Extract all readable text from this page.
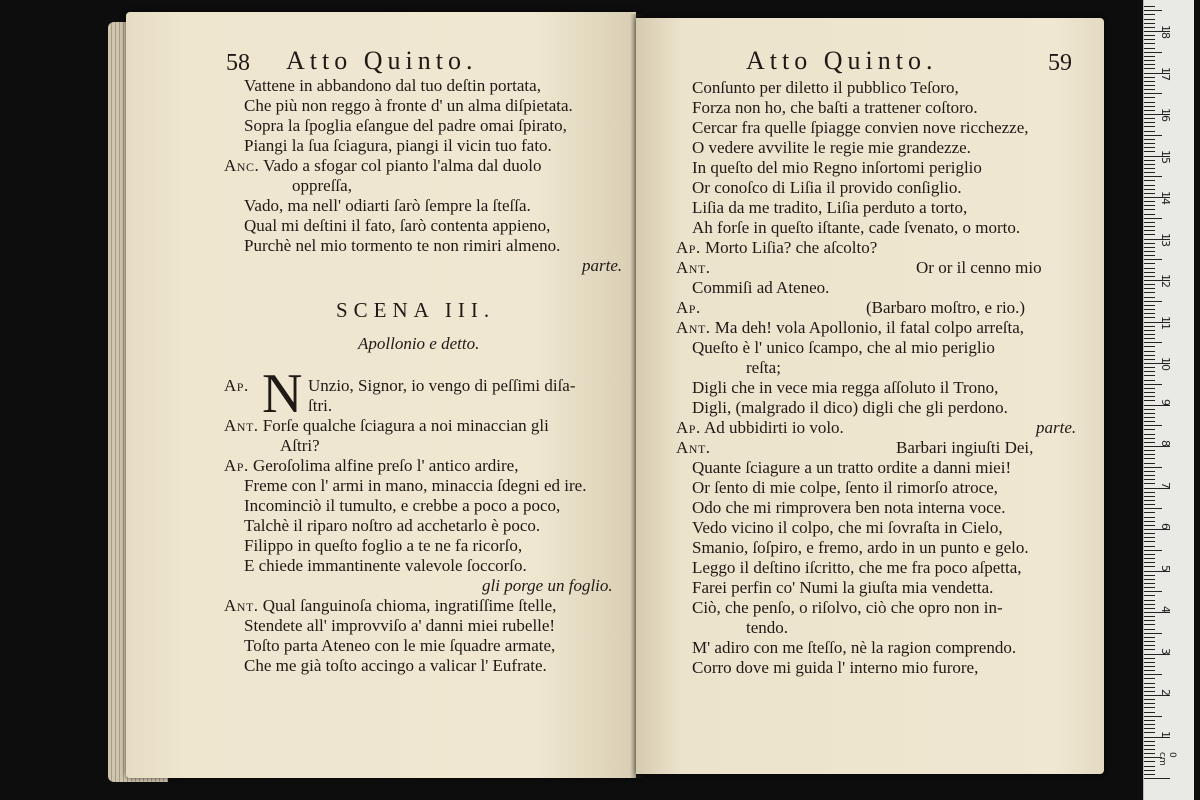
58 Atto Quinto.
Vattene in abbandono dal tuo deſtin portata,
Che più non reggo à fronte d' un alma diſpietata.
Sopra la ſpoglia eſangue del padre omai ſpirato,
Piangi la ſua ſciagura, piangi il vicin tuo fato.
Anc. Vado a sfogar col pianto l'alma dal duolo
oppreſſa,
Vado, ma nell' odiarti ſarò ſempre la ſteſſa.
Qual mi deſtini il fato, ſarò contenta appieno,
Purchè nel mio tormento te non rimiri almeno.
parte.
SCENA III.
Apollonio e detto.
Ap. N Unzio, Signor, io vengo di peſſimi diſa-
ſtri.
Ant. Forſe qualche ſciagura a noi minaccian gli
Aſtri?
Ap. Geroſolima alfine preſo l' antico ardire,
Freme con l' armi in mano, minaccia ſdegni ed ire.
Incominciò il tumulto, e crebbe a poco a poco,
Talchè il riparo noſtro ad acchetarlo è poco.
Filippo in queſto foglio a te ne fa ricorſo,
E chiede immantinente valevole ſoccorſo.
gli porge un foglio.
Ant. Qual ſanguinoſa chioma, ingratiſſime ſtelle,
Stendete all' improvviſo a' danni miei rubelle!
Toſto parta Ateneo con le mie ſquadre armate,
Che me già toſto accingo a valicar l' Eufrate.
Atto Quinto.	59
Conſunto per diletto il pubblico Teſoro,
Forza non ho, che baſti a trattener coſtoro.
Cercar fra quelle ſpiagge convien nove ricchezze,
O vedere avvilite le regie mie grandezze.
In queſto del mio Regno inſortomi periglio
Or conoſco di Liſia il provido conſiglio.
Liſia da me tradito, Liſia perduto a torto,
Ah forſe in queſto iſtante, cade ſvenato, o morto.
Ap. Morto Liſia? che aſcolto?
Ant.	Or or il cenno mio
Commiſi ad Ateneo.
Ap.	(Barbaro moſtro, e rio.)
Ant. Ma deh! vola Apollonio, il fatal colpo arreſta,
Queſto è l' unico ſcampo, che al mio periglio
reſta;
Digli che in vece mia regga aſſoluto il Trono,
Digli, (malgrado il dico) digli che gli perdono.
Ap. Ad ubbidirti io volo.	parte.
Ant.	Barbari ingiuſti Dei,
Quante ſciagure a un tratto ordite a danni miei!
Or ſento di mie colpe, ſento il rimorſo atroce,
Odo che mi rimprovera ben nota interna voce.
Vedo vicino il colpo, che mi ſovraſta in Cielo,
Smanio, ſoſpiro, e fremo, ardo in un punto e gelo.
Leggo il deſtino iſcritto, che me fra poco aſpetta,
Farei perfin co' Numi la giuſta mia vendetta.
Ciò, che penſo, o riſolvo, ciò che opro non in-
tendo.
M' adiro con me ſteſſo, nè la ragion comprendo.
Corro dove mi guida l' interno mio furore,
18
17
16
15
14
13
12
11
10
9
8
7
6
5
4
3
2
1
0 cm
